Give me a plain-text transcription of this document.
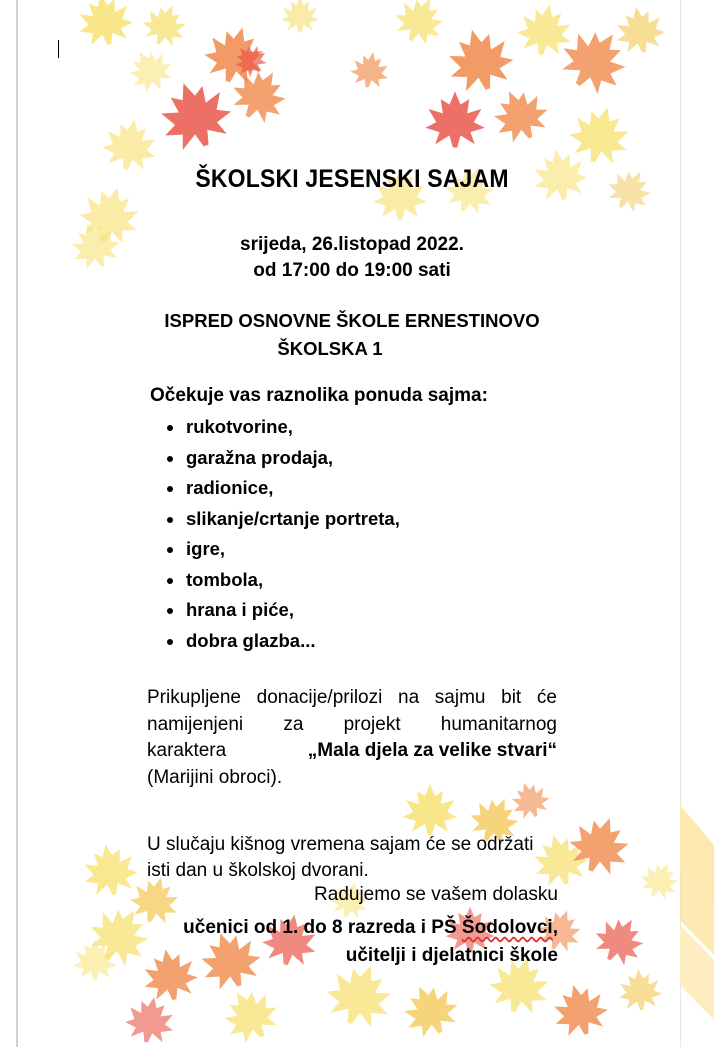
ŠKOLSKI JESENSKI SAJAM
srijeda, 26.listopad 2022.
od 17:00 do 19:00 sati
ISPRED OSNOVNE ŠKOLE ERNESTINOVO
ŠKOLSKA 1
Očekuje vas raznolika ponuda sajma:
rukotvorine,
garažna prodaja,
radionice,
slikanje/crtanje portreta,
igre,
tombola,
hrana i piće,
dobra glazba...
Prikupljene donacije/prilozi na sajmu bit će
namijenjeni za projekt humanitarnog
karaktera	„Mala djela za velike stvari“
(Marijini obroci).
U slučaju kišnog vremena sajam će se održati
isti dan u školskoj dvorani.
Radujemo se vašem dolasku
učenici od 1. do 8 razreda i PŠ Šodolovci,
učitelji i djelatnici škole
